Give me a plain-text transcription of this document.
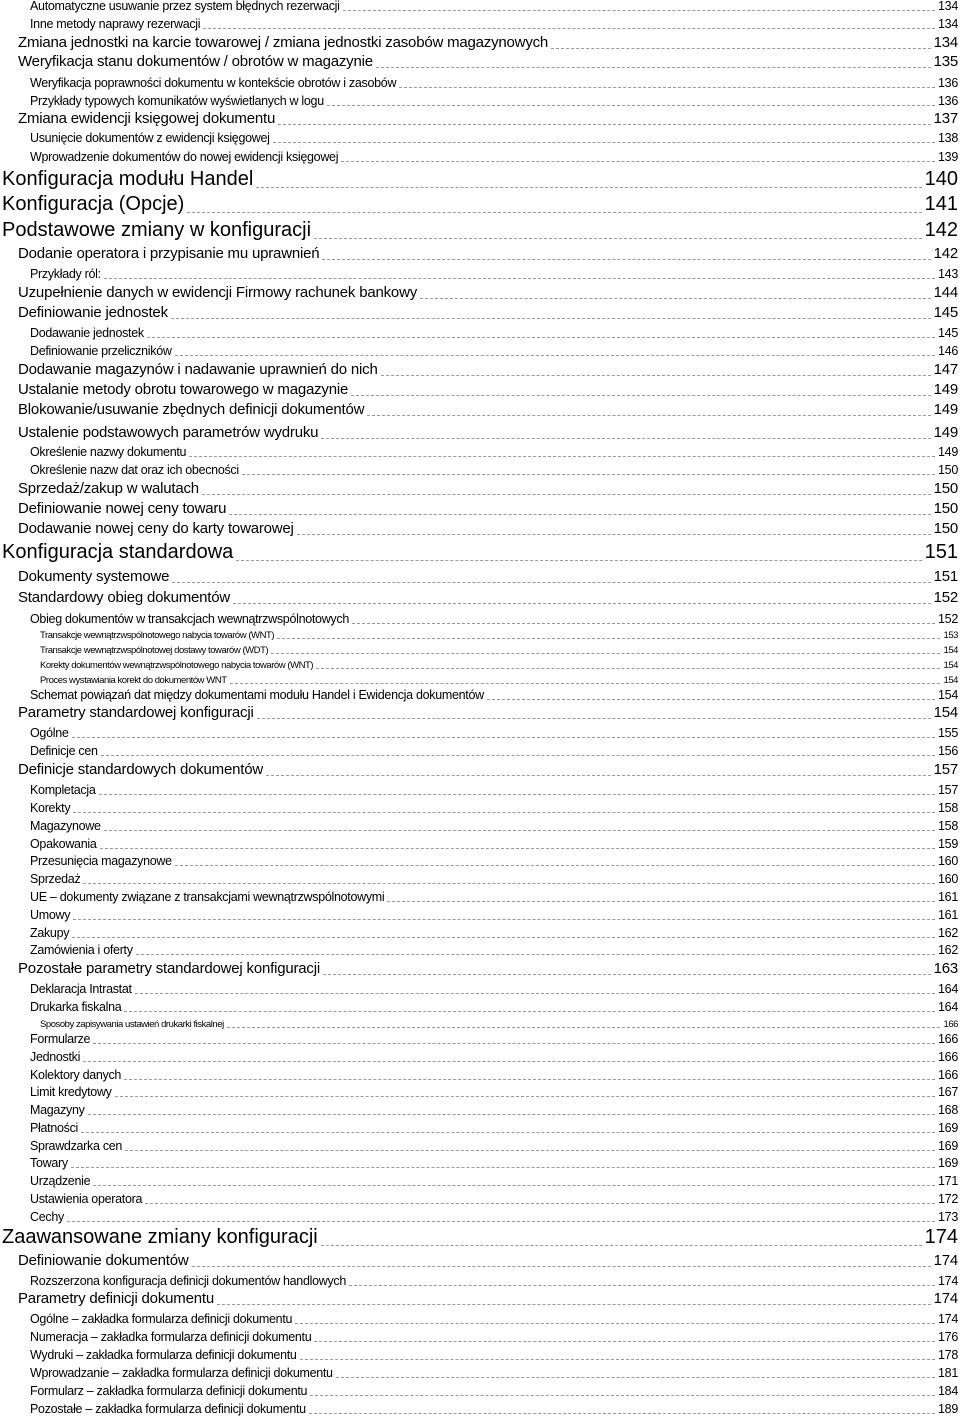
Automatyczne usuwanie przez system błędnych rezerwacji	134
Inne metody naprawy rezerwacji	134
Zmiana jednostki na karcie towarowej / zmiana jednostki zasobów magazynowych	134
Weryfikacja stanu dokumentów / obrotów w magazynie	135
Weryfikacja poprawności dokumentu w kontekście obrotów i zasobów	136
Przykłady typowych komunikatów wyświetlanych w logu	136
Zmiana ewidencji księgowej dokumentu	137
Usunięcie dokumentów z ewidencji księgowej	138
Wprowadzenie dokumentów do nowej ewidencji księgowej	139
Konfiguracja modułu Handel	140
Konfiguracja (Opcje)	141
Podstawowe zmiany w konfiguracji	142
Dodanie operatora i przypisanie mu uprawnień	142
Przykłady ról:	143
Uzupełnienie danych w ewidencji Firmowy rachunek bankowy	144
Definiowanie jednostek	145
Dodawanie jednostek	145
Definiowanie przeliczników	146
Dodawanie magazynów i nadawanie uprawnień do nich	147
Ustalanie metody obrotu towarowego w magazynie	149
Blokowanie/usuwanie zbędnych definicji dokumentów	149
Ustalenie podstawowych parametrów wydruku	149
Określenie nazwy dokumentu	149
Określenie nazw dat oraz ich obecności	150
Sprzedaż/zakup w walutach	150
Definiowanie nowej ceny towaru	150
Dodawanie nowej ceny do karty towarowej	150
Konfiguracja standardowa	151
Dokumenty systemowe	151
Standardowy obieg dokumentów	152
Obieg dokumentów w transakcjach wewnątrzwspólnotowych	152
Transakcje wewnątrzwspólnotowego nabycia towarów (WNT)	153
Transakcje wewnątrzwspólnotowej dostawy towarów (WDT)	154
Korekty dokumentów wewnątrzwspólnotowego nabycia towarów (WNT)	154
Proces wystawiania korekt do dokumentów WNT	154
Schemat powiązań dat między dokumentami modułu Handel i Ewidencja dokumentów	154
Parametry standardowej konfiguracji	154
Ogólne	155
Definicje cen	156
Definicje standardowych dokumentów	157
Kompletacja	157
Korekty	158
Magazynowe	158
Opakowania	159
Przesunięcia magazynowe	160
Sprzedaż	160
UE – dokumenty związane z transakcjami wewnątrzwspólnotowymi	161
Umowy	161
Zakupy	162
Zamówienia i oferty	162
Pozostałe parametry standardowej konfiguracji	163
Deklaracja Intrastat	164
Drukarka fiskalna	164
Sposoby zapisywania ustawień drukarki fiskalnej	166
Formularze	166
Jednostki	166
Kolektory danych	166
Limit kredytowy	167
Magazyny	168
Płatności	169
Sprawdzarka cen	169
Towary	169
Urządzenie	171
Ustawienia operatora	172
Cechy	173
Zaawansowane zmiany konfiguracji	174
Definiowanie dokumentów	174
Rozszerzona konfiguracja definicji dokumentów handlowych	174
Parametry definicji dokumentu	174
Ogólne – zakładka formularza definicji dokumentu	174
Numeracja – zakładka formularza definicji dokumentu	176
Wydruki – zakładka formularza definicji dokumentu	178
Wprowadzanie – zakładka formularza definicji dokumentu	181
Formularz – zakładka formularza definicji dokumentu	184
Pozostałe – zakładka formularza definicji dokumentu	189
